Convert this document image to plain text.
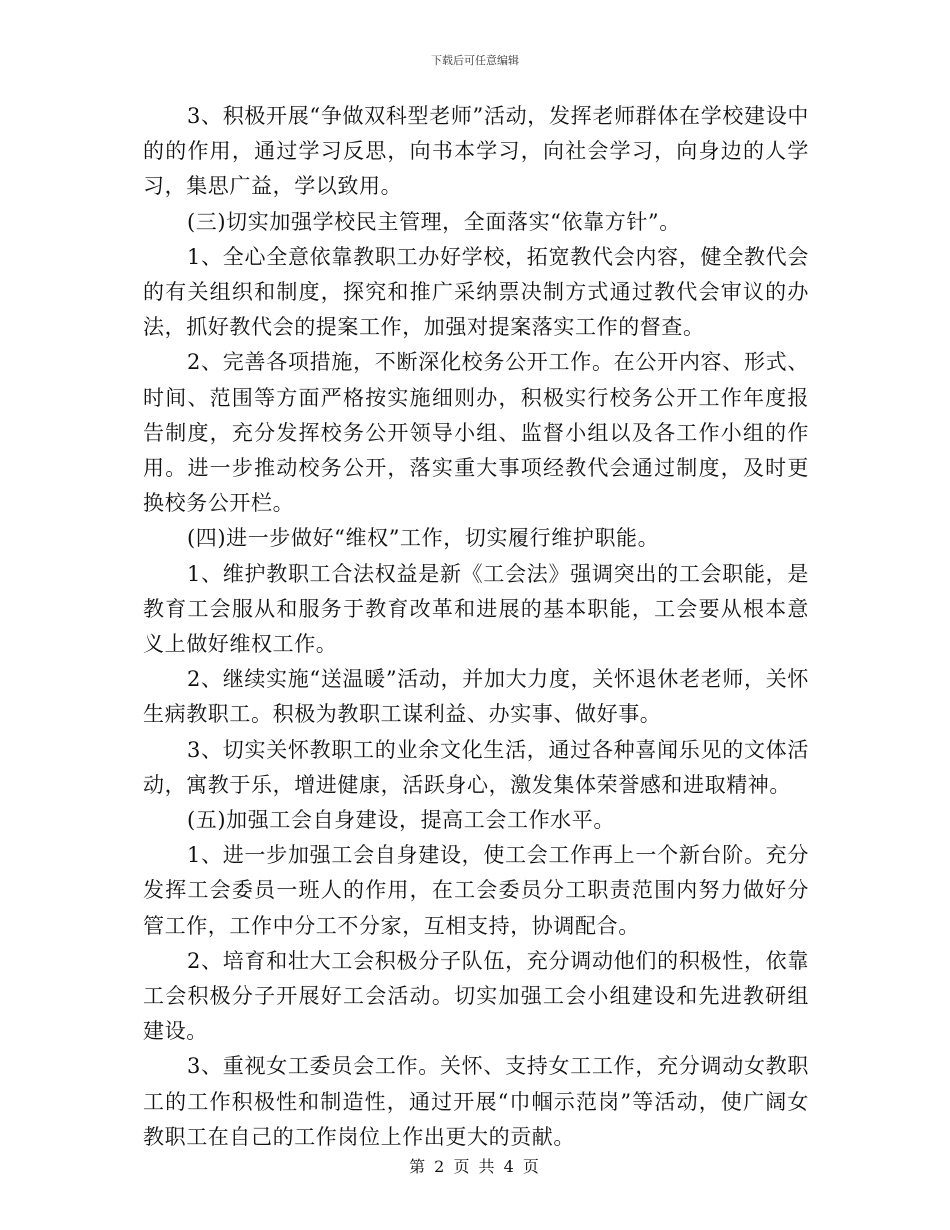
下载后可任意编辑

3、积极开展“争做双科型老师”活动，发挥老师群体在学校建设中的的作用，通过学习反思，向书本学习，向社会学习，向身边的人学习，集思广益，学以致用。

(三)切实加强学校民主管理，全面落实“依靠方针”。

1、全心全意依靠教职工办好学校，拓宽教代会内容，健全教代会的有关组织和制度，探究和推广采纳票决制方式通过教代会审议的办法，抓好教代会的提案工作，加强对提案落实工作的督查。

2、完善各项措施，不断深化校务公开工作。在公开内容、形式、时间、范围等方面严格按实施细则办，积极实行校务公开工作年度报告制度，充分发挥校务公开领导小组、监督小组以及各工作小组的作用。进一步推动校务公开，落实重大事项经教代会通过制度，及时更换校务公开栏。

(四)进一步做好“维权”工作，切实履行维护职能。

1、维护教职工合法权益是新《工会法》强调突出的工会职能，是教育工会服从和服务于教育改革和进展的基本职能，工会要从根本意义上做好维权工作。

2、继续实施“送温暖”活动，并加大力度，关怀退休老老师，关怀生病教职工。积极为教职工谋利益、办实事、做好事。

3、切实关怀教职工的业余文化生活，通过各种喜闻乐见的文体活动，寓教于乐，增进健康，活跃身心，激发集体荣誉感和进取精神。

(五)加强工会自身建设，提高工会工作水平。

1、进一步加强工会自身建设，使工会工作再上一个新台阶。充分发挥工会委员一班人的作用，在工会委员分工职责范围内努力做好分管工作，工作中分工不分家，互相支持，协调配合。

2、培育和壮大工会积极分子队伍，充分调动他们的积极性，依靠工会积极分子开展好工会活动。切实加强工会小组建设和先进教研组建设。

3、重视女工委员会工作。关怀、支持女工工作，充分调动女教职工的工作积极性和制造性，通过开展“巾帼示范岗”等活动，使广阔女教职工在自己的工作岗位上作出更大的贡献。

第 2 页 共 4 页
